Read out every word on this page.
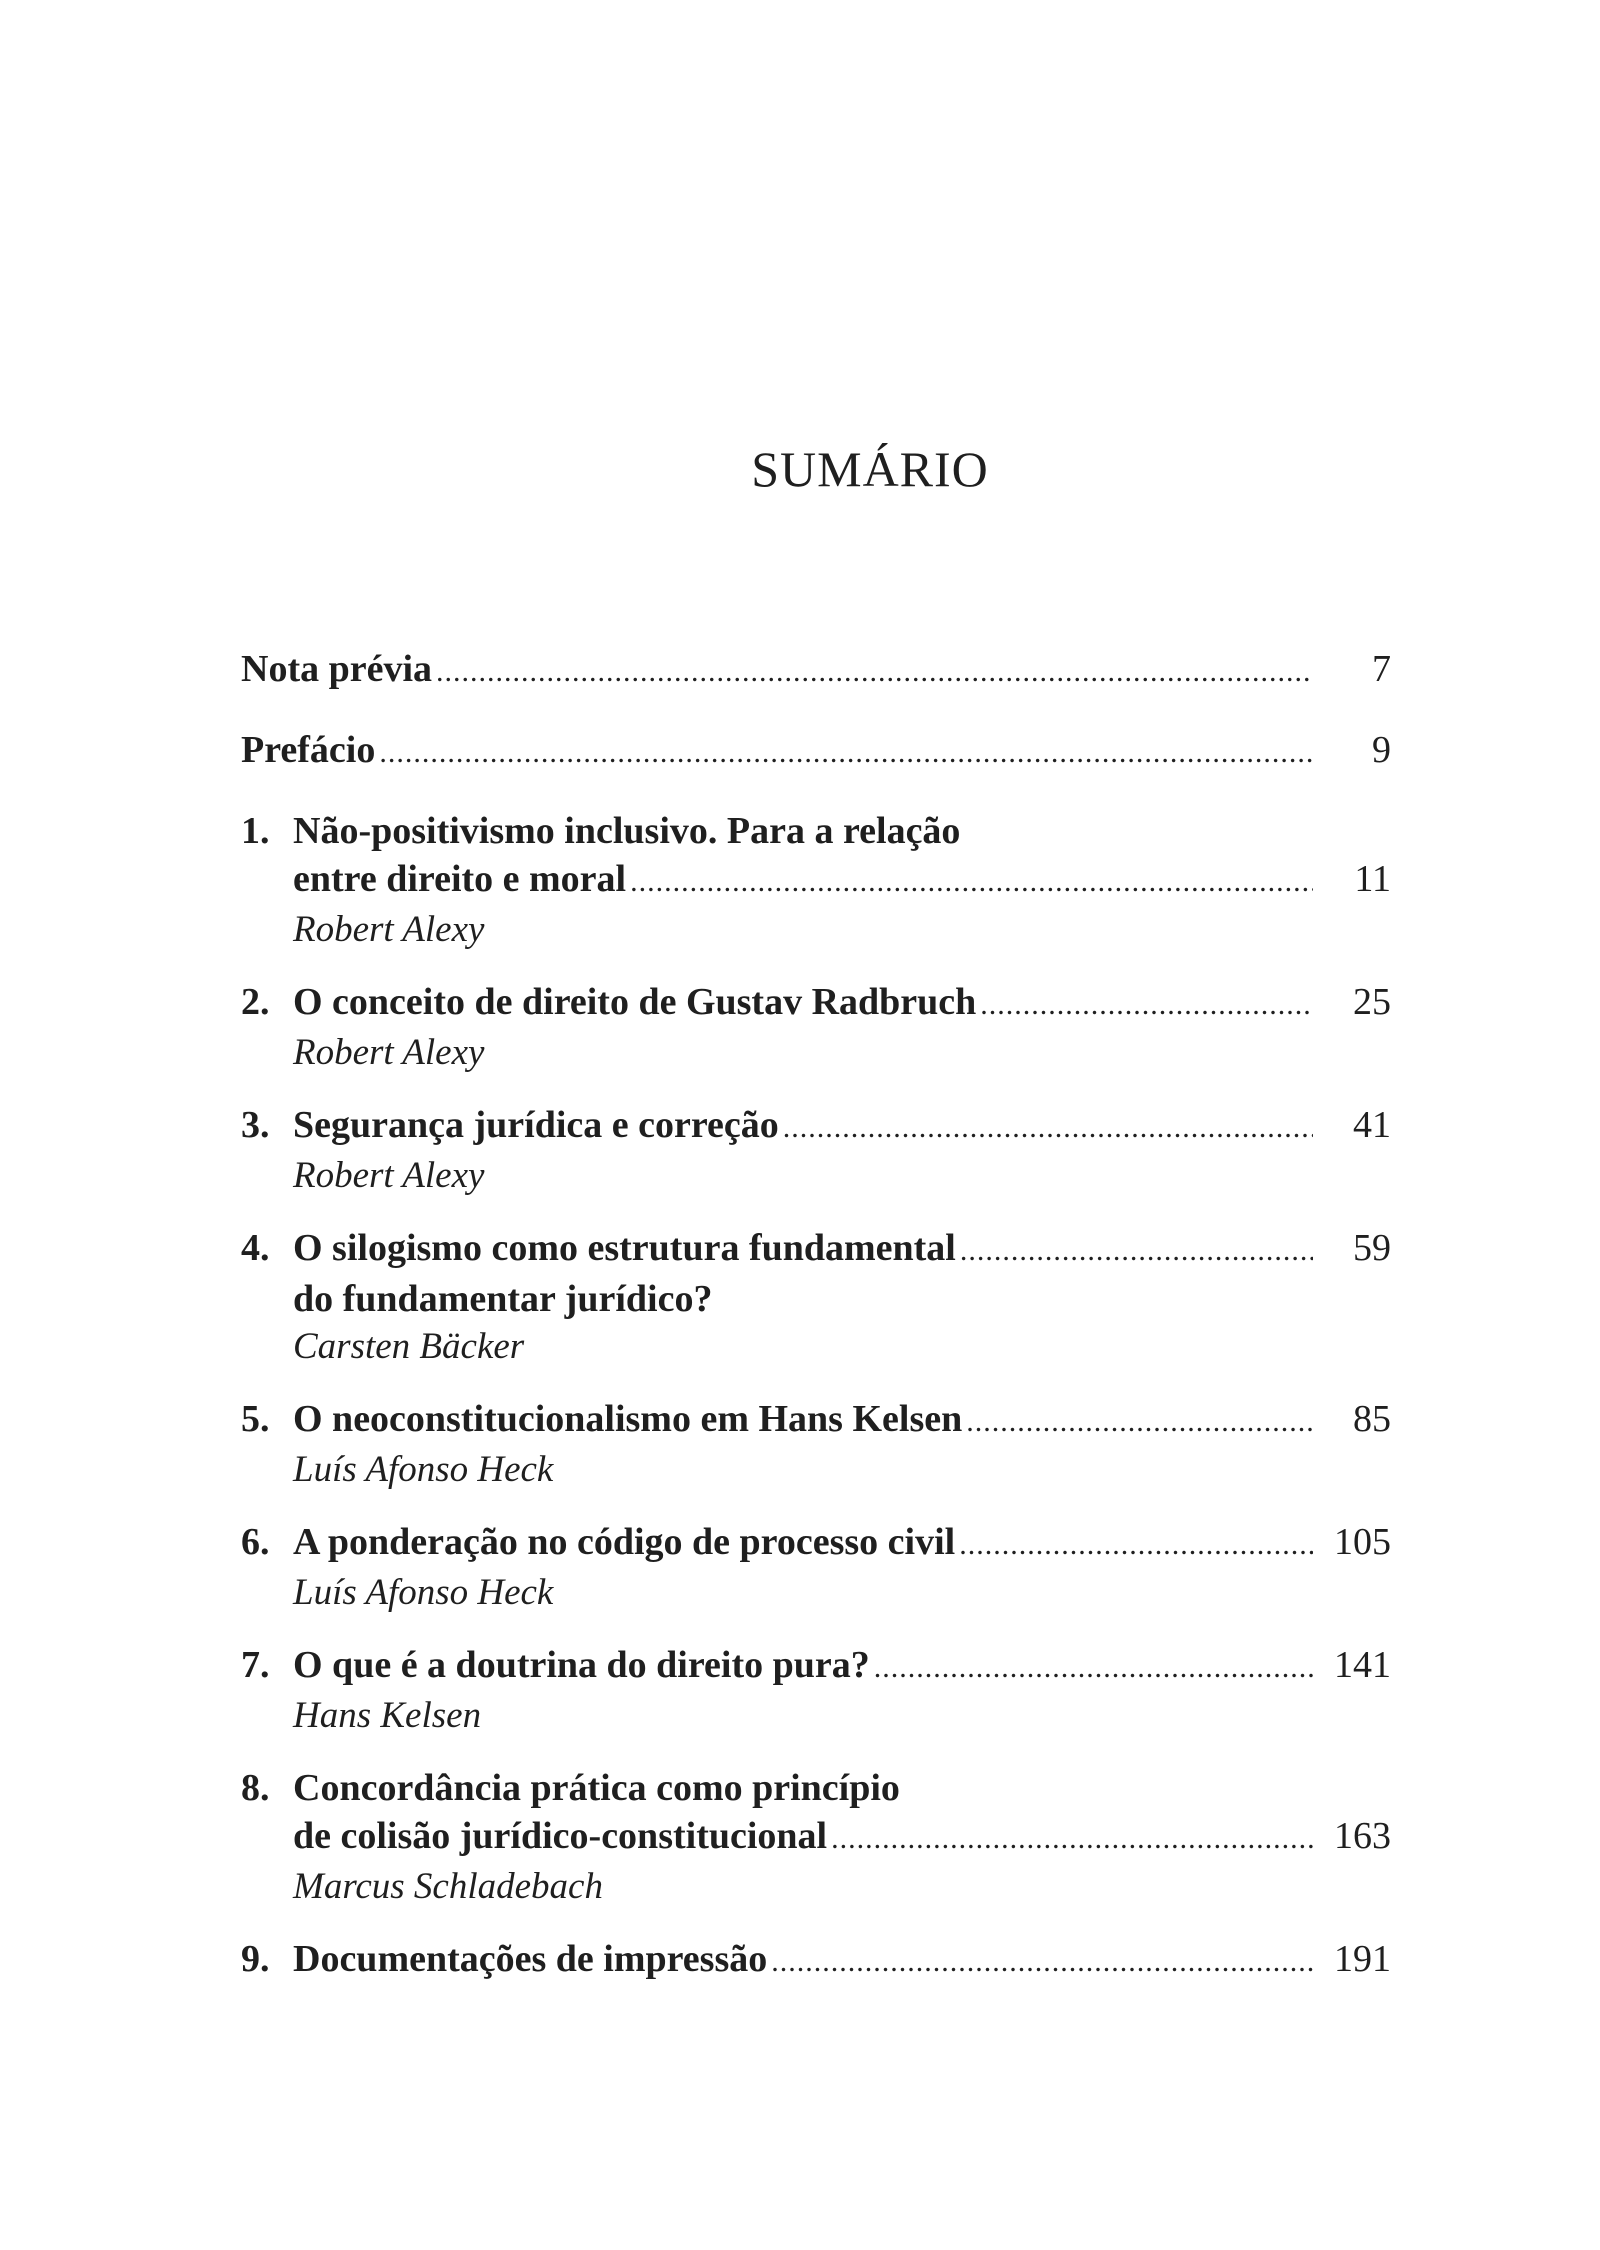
SUMÁRIO
Nota prévia .....	7
Prefácio .....	9
1. Não-positivismo inclusivo. Para a relação
entre direito e moral .....	11
Robert Alexy
2. O conceito de direito de Gustav Radbruch .....	25
Robert Alexy
3. Segurança jurídica e correção .....	41
Robert Alexy
4. O silogismo como estrutura fundamental .....	59
do fundamentar jurídico?
Carsten Bäcker
5. O neoconstitucionalismo em Hans Kelsen .....	85
Luís Afonso Heck
6. A ponderação no código de processo civil .....	105
Luís Afonso Heck
7. O que é a doutrina do direito pura? .....	141
Hans Kelsen
8. Concordância prática como princípio
de colisão jurídico-constitucional .....	163
Marcus Schladebach
9. Documentações de impressão .....	191
